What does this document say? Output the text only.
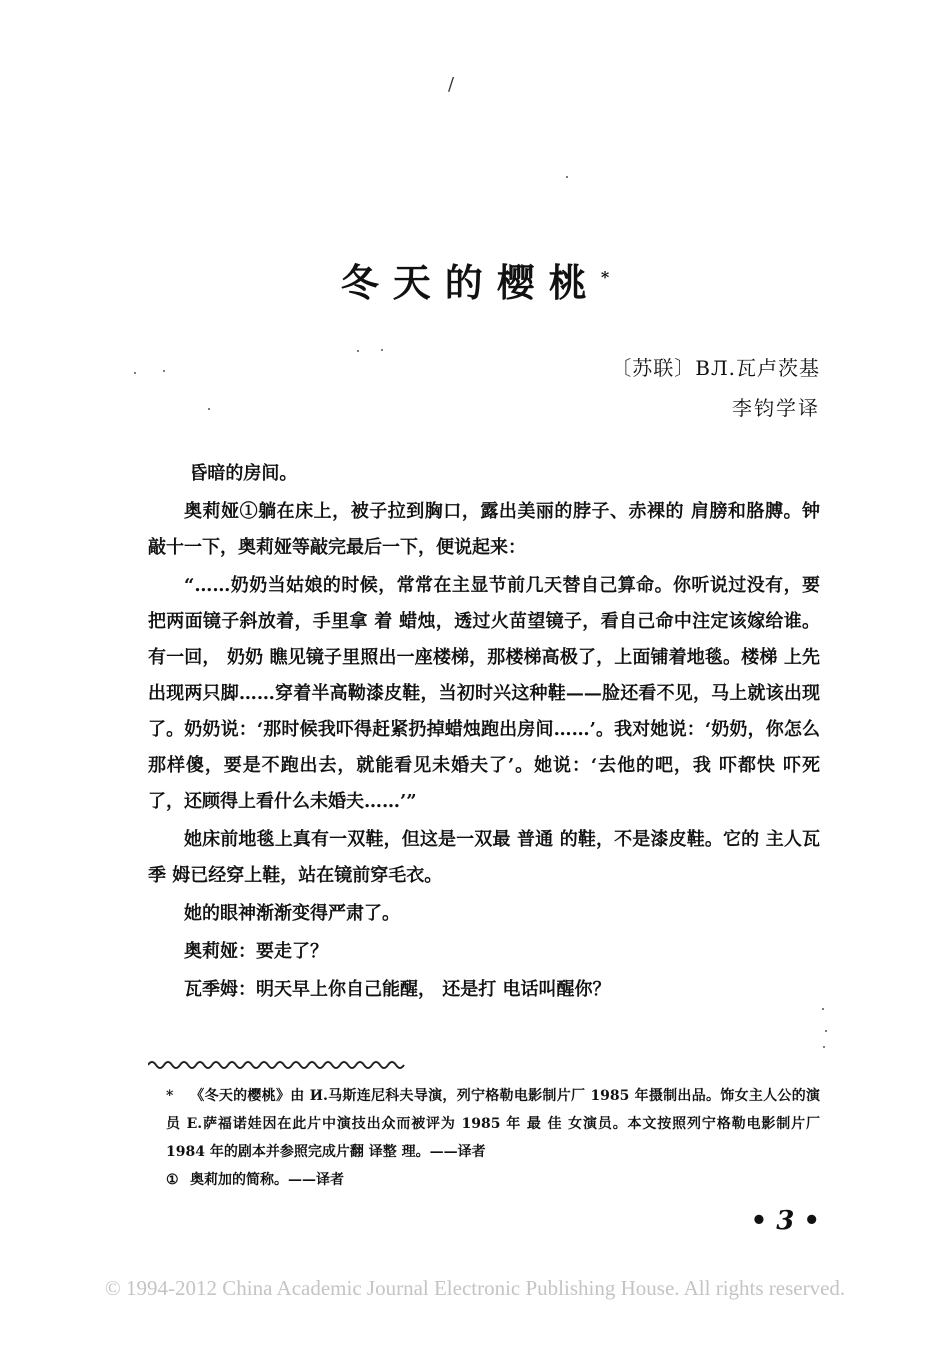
/
冬天的樱桃*
〔苏联〕ВЛ.瓦卢茨基
李钧学译

昏暗的房间。

奥莉娅①躺在床上，被子拉到胸口，露出美丽的脖子、赤裸的 肩膀和胳膊。钟敲十一下，奥莉娅等敲完最后一下，便说起来：

“……奶奶当姑娘的时候，常常在主显节前几天替自己算命。你听说过没有，要把两面镜子斜放着，手里拿 着 蜡烛，透过火苗望镜子，看自己命中注定该嫁给谁。有一回， 奶奶 瞧见镜子里照出一座楼梯，那楼梯高极了，上面铺着地毯。楼梯 上先出现两只脚……穿着半高靿漆皮鞋，当初时兴这种鞋——脸还看不见，马上就该出现了。奶奶说：‘那时候我吓得赶紧扔掉蜡烛跑出房间……’。我对她说：‘奶奶，你怎么那样傻，要是不跑出去，就能看见未婚夫了’。她说：‘去他的吧，我 吓都快 吓死了，还顾得上看什么未婚夫……’”

她床前地毯上真有一双鞋，但这是一双最 普通 的鞋，不是漆皮鞋。它的 主人瓦季 姆已经穿上鞋，站在镜前穿毛衣。

她的眼神渐渐变得严肃了。

奥莉娅：要走了？

瓦季姆：明天早上你自己能醒， 还是打 电话叫醒你？

* 《冬天的樱桃》由 И.马斯连尼科夫导演，列宁格勒电影制片厂 1985 年摄制出品。饰女主人公的演员 Е.萨福诺娃因在此片中演技出众而被评为 1985 年 最 佳 女演员。本文按照列宁格勒电影制片厂 1984 年的剧本并参照完成片翻 译整 理。——译者

① 奥莉加的简称。——译者

• 3 •
© 1994-2012 China Academic Journal Electronic Publishing House. All rights reserved.
